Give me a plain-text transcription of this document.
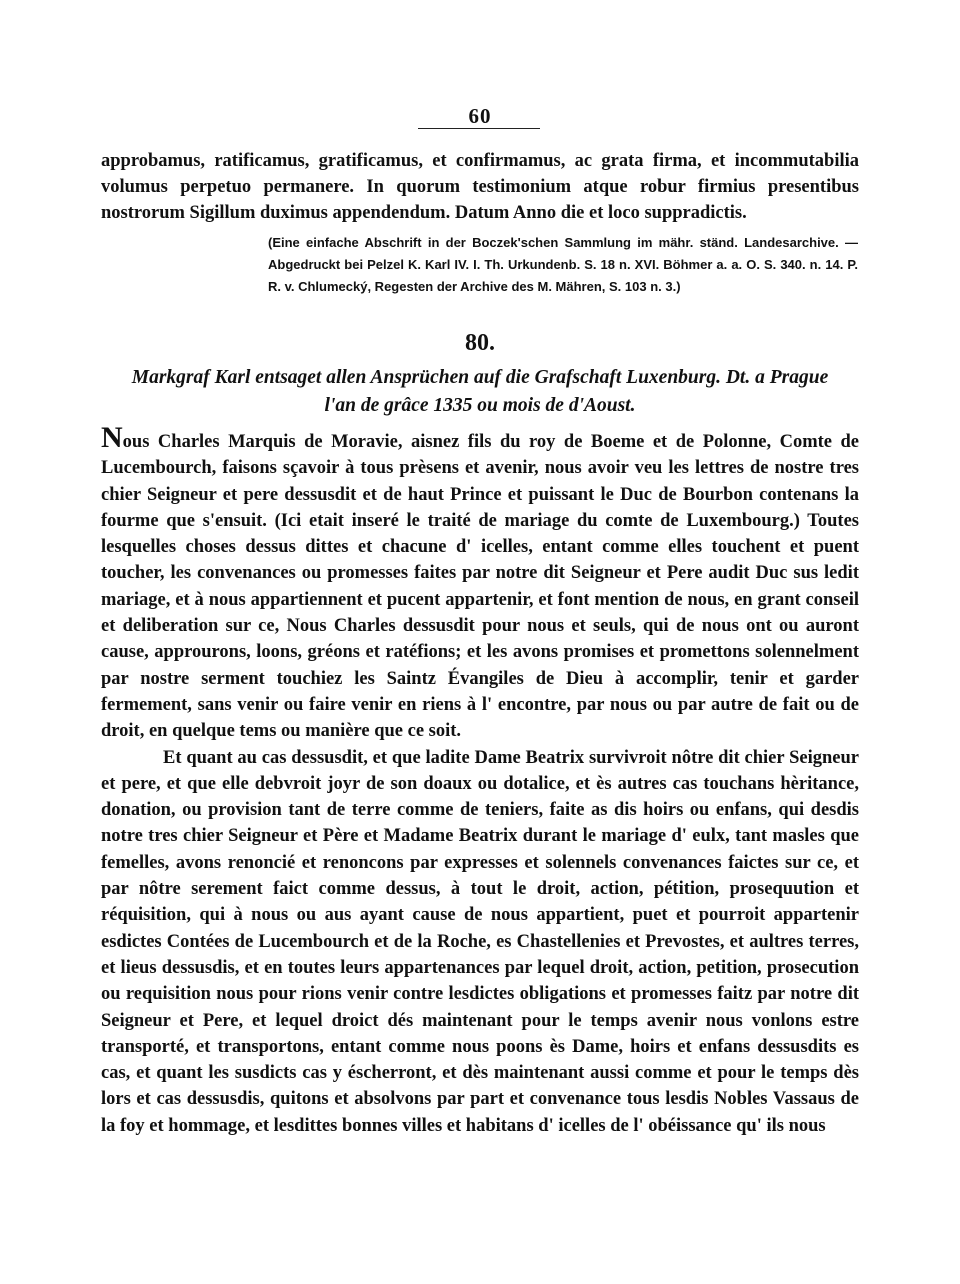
60
approbamus, ratificamus, gratificamus, et confirmamus, ac grata firma, et incommutabilia volumus perpetuo permanere. In quorum testimonium atque robur firmius presentibus nostrorum Sigillum duximus appendendum. Datum Anno die et loco suppradictis.
(Eine einfache Abschrift in der Boczek'schen Sammlung im mähr. ständ. Landesarchive. — Abgedruckt bei Pelzel K. Karl IV. I. Th. Urkundenb. S. 18 n. XVI. Böhmer a. a. O. S. 340. n. 14. P. R. v. Chlumecký, Regesten der Archive des M. Mähren, S. 103 n. 3.)
80.
Markgraf Karl entsaget allen Ansprüchen auf die Grafschaft Luxenburg. Dt. a Prague
l'an de grâce 1335 ou mois de d'Aoust.

Nous Charles Marquis de Moravie, aisnez fils du roy de Boeme et de Polonne, Comte de Lucembourch, faisons sçavoir à tous prèsens et avenir, nous avoir veu les lettres de nostre tres chier Seigneur et pere dessusdit et de haut Prince et puissant le Duc de Bourbon contenans la fourme que s'ensuit. (Ici etait inseré le traité de mariage du comte de Luxembourg.) Toutes lesquelles choses dessus dittes et chacune d' icelles, entant comme elles touchent et puent toucher, les convenances ou promesses faites par notre dit Seigneur et Pere audit Duc sus ledit mariage, et à nous appartiennent et pucent appartenir, et font mention de nous, en grant conseil et deliberation sur ce, Nous Charles dessusdit pour nous et seuls, qui de nous ont ou auront cause, approurons, loons, gréons et ratéfions; et les avons promises et promettons solennelment par nostre serment touchiez les Saintz Évangiles de Dieu à accomplir, tenir et garder fermement, sans venir ou faire venir en riens à l' encontre, par nous ou par autre de fait ou de droit, en quelque tems ou manière que ce soit.

Et quant au cas dessusdit, et que ladite Dame Beatrix survivroit nôtre dit chier Seigneur et pere, et que elle debvroit joyr de son doaux ou dotalice, et ès autres cas touchans hèritance, donation, ou provision tant de terre comme de teniers, faite as dis hoirs ou enfans, qui desdis notre tres chier Seigneur et Père et Madame Beatrix durant le mariage d' eulx, tant masles que femelles, avons renoncié et renoncons par expresses et solennels convenances faictes sur ce, et par nôtre serement faict comme dessus, à tout le droit, action, pétition, prosequution et réquisition, qui à nous ou aus ayant cause de nous appartient, puet et pourroit appartenir esdictes Contées de Lucembourch et de la Roche, es Chastellenies et Prevostes, et aultres terres, et lieus dessusdis, et en toutes leurs appartenances par lequel droit, action, petition, prosecution ou requisition nous pour rions venir contre lesdictes obligations et promesses faitz par notre dit Seigneur et Pere, et lequel droict dés maintenant pour le temps avenir nous vonlons estre transporté, et transportons, entant comme nous poons ès Dame, hoirs et enfans dessusdits es cas, et quant les susdicts cas y éscherront, et dès maintenant aussi comme et pour le temps dès lors et cas dessusdis, quitons et absolvons par part et convenance tous lesdis Nobles Vassaus de la foy et hommage, et lesdittes bonnes villes et habitans d' icelles de l' obéissance qu' ils nous
